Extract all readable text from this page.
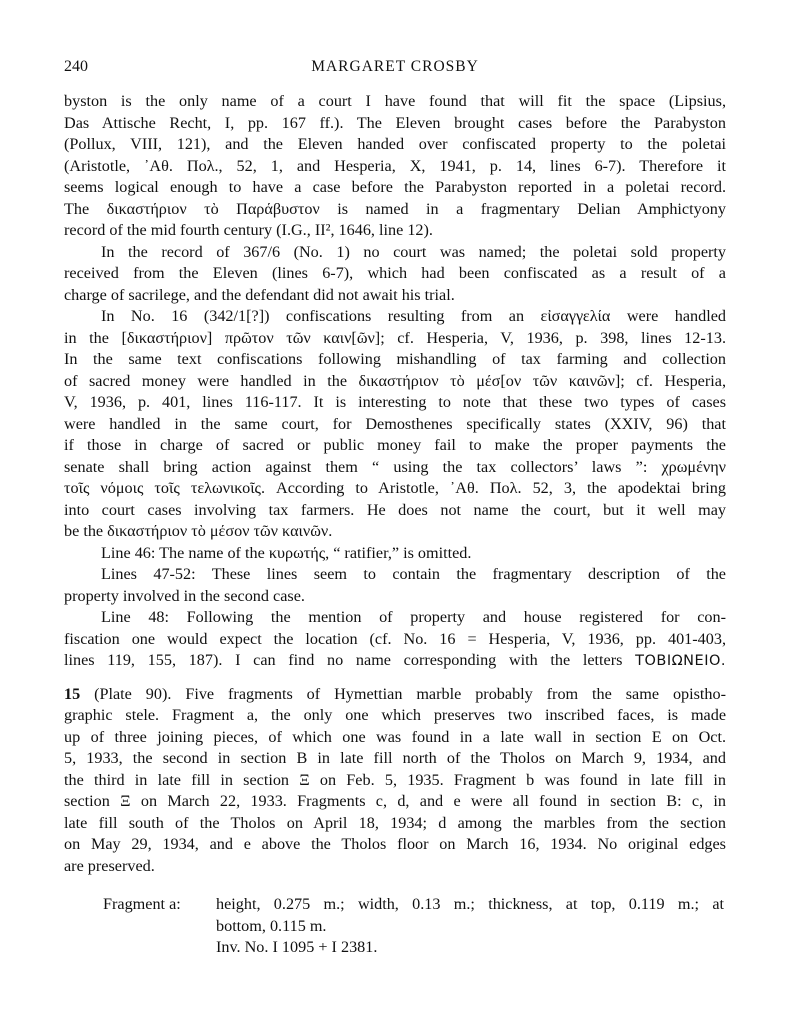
240	MARGARET CROSBY
byston is the only name of a court I have found that will fit the space (Lipsius,
Das Attische Recht, I, pp. 167 ff.). The Eleven brought cases before the Parabyston
(Pollux, VIII, 121), and the Eleven handed over confiscated property to the poletai
(Aristotle, ᾿Αθ. Πολ., 52, 1, and Hesperia, X, 1941, p. 14, lines 6-7). Therefore it
seems logical enough to have a case before the Parabyston reported in a poletai record.
The δικαστήριον τὸ Παράβυστον is named in a fragmentary Delian Amphictyony
record of the mid fourth century (I.G., II², 1646, line 12).
In the record of 367/6 (No. 1) no court was named; the poletai sold property
received from the Eleven (lines 6-7), which had been confiscated as a result of a
charge of sacrilege, and the defendant did not await his trial.
In No. 16 (342/1[?]) confiscations resulting from an εἰσαγγελία were handled
in the [δικαστήριον] πρῶτον τῶν καιν[ῶν]; cf. Hesperia, V, 1936, p. 398, lines 12-13.
In the same text confiscations following mishandling of tax farming and collection
of sacred money were handled in the δικαστήριον τὸ μέσ[ον τῶν καινῶν]; cf. Hesperia,
V, 1936, p. 401, lines 116-117. It is interesting to note that these two types of cases
were handled in the same court, for Demosthenes specifically states (XXIV, 96) that
if those in charge of sacred or public money fail to make the proper payments the
senate shall bring action against them “ using the tax collectors’ laws ”: χρωμένην
τοῖς νόμοις τοῖς τελωνικοῖς. According to Aristotle, ᾿Αθ. Πολ. 52, 3, the apodektai bring
into court cases involving tax farmers. He does not name the court, but it well may
be the δικαστήριον τὸ μέσον τῶν καινῶν.
Line 46: The name of the κυρωτής, “ ratifier,” is omitted.
Lines 47-52: These lines seem to contain the fragmentary description of the
property involved in the second case.
Line 48: Following the mention of property and house registered for con-
fiscation one would expect the location (cf. No. 16 = Hesperia, V, 1936, pp. 401-403,
lines 119, 155, 187). I can find no name corresponding with the letters ΤΟΒΙΩΝΕΙΟ.
15 (Plate 90). Five fragments of Hymettian marble probably from the same opistho-
graphic stele. Fragment a, the only one which preserves two inscribed faces, is made
up of three joining pieces, of which one was found in a late wall in section E on Oct.
5, 1933, the second in section B in late fill north of the Tholos on March 9, 1934, and
the third in late fill in section Ξ on Feb. 5, 1935. Fragment b was found in late fill in
section Ξ on March 22, 1933. Fragments c, d, and e were all found in section B: c, in
late fill south of the Tholos on April 18, 1934; d among the marbles from the section
on May 29, 1934, and e above the Tholos floor on March 16, 1934. No original edges
are preserved.
Fragment a: height, 0.275 m.; width, 0.13 m.; thickness, at top, 0.119 m.; at
bottom, 0.115 m.
Inv. No. I 1095 + I 2381.
